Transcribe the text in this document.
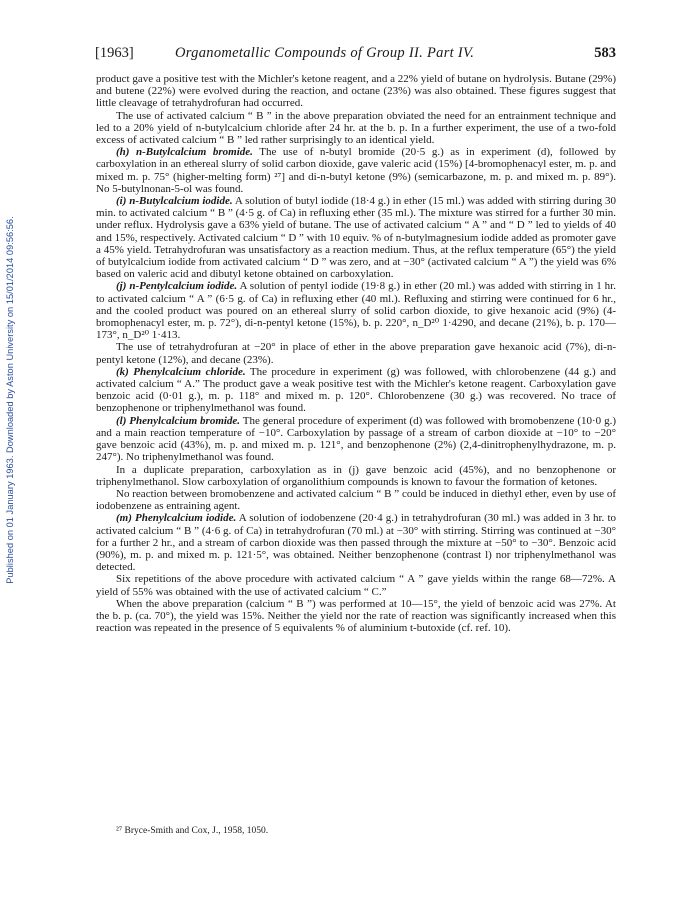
Published on 01 January 1963. Downloaded by Aston University on 15/01/2014 09:56:56.
[1963]	Organometallic Compounds of Group II. Part IV.	583

product gave a positive test with the Michler's ketone reagent, and a 22% yield of butane on hydrolysis. Butane (29%) and butene (22%) were evolved during the reaction, and octane (23%) was also obtained. These figures suggest that little cleavage of tetrahydrofuran had occurred.

The use of activated calcium “ B ” in the above preparation obviated the need for an entrainment technique and led to a 20% yield of n-butylcalcium chloride after 24 hr. at the b. p. In a further experiment, the use of a two-fold excess of activated calcium “ B ” led rather surprisingly to an identical yield.

(h) n-Butylcalcium bromide. The use of n-butyl bromide (20·5 g.) as in experiment (d), followed by carboxylation in an ethereal slurry of solid carbon dioxide, gave valeric acid (15%) [4-bromophenacyl ester, m. p. and mixed m. p. 75° (higher-melting form) ²⁷] and di-n-butyl ketone (9%) (semicarbazone, m. p. and mixed m. p. 89°). No 5-butylnonan-5-ol was found.

(i) n-Butylcalcium iodide. A solution of butyl iodide (18·4 g.) in ether (15 ml.) was added with stirring during 30 min. to activated calcium “ B ” (4·5 g. of Ca) in refluxing ether (35 ml.). The mixture was stirred for a further 30 min. under reflux. Hydrolysis gave a 63% yield of butane. The use of activated calcium “ A ” and “ D ” led to yields of 40 and 15%, respectively. Activated calcium “ D ” with 10 equiv. % of n-butylmagnesium iodide added as promoter gave a 45% yield. Tetrahydrofuran was unsatisfactory as a reaction medium. Thus, at the reflux temperature (65°) the yield of butylcalcium iodide from activated calcium “ D ” was zero, and at −30° (activated calcium “ A ”) the yield was 6% based on valeric acid and dibutyl ketone obtained on carboxylation.

(j) n-Pentylcalcium iodide. A solution of pentyl iodide (19·8 g.) in ether (20 ml.) was added with stirring in 1 hr. to activated calcium “ A ” (6·5 g. of Ca) in refluxing ether (40 ml.). Refluxing and stirring were continued for 6 hr., and the cooled product was poured on an ethereal slurry of solid carbon dioxide, to give hexanoic acid (9%) (4-bromophenacyl ester, m. p. 72°), di-n-pentyl ketone (15%), b. p. 220°, n_D²⁰ 1·4290, and decane (21%), b. p. 170—173°, n_D²⁰ 1·413.

The use of tetrahydrofuran at −20° in place of ether in the above preparation gave hexanoic acid (7%), di-n-pentyl ketone (12%), and decane (23%).

(k) Phenylcalcium chloride. The procedure in experiment (g) was followed, with chlorobenzene (44 g.) and activated calcium “ A.” The product gave a weak positive test with the Michler's ketone reagent. Carboxylation gave benzoic acid (0·01 g.), m. p. 118° and mixed m. p. 120°. Chlorobenzene (30 g.) was recovered. No trace of benzophenone or triphenylmethanol was found.

(l) Phenylcalcium bromide. The general procedure of experiment (d) was followed with bromobenzene (10·0 g.) and a main reaction temperature of −10°. Carboxylation by passage of a stream of carbon dioxide at −10° to −20° gave benzoic acid (43%), m. p. and mixed m. p. 121°, and benzophenone (2%) (2,4-dinitrophenylhydrazone, m. p. 247°). No triphenylmethanol was found.

In a duplicate preparation, carboxylation as in (j) gave benzoic acid (45%), and no benzophenone or triphenylmethanol. Slow carboxylation of organolithium compounds is known to favour the formation of ketones.

No reaction between bromobenzene and activated calcium “ B ” could be induced in diethyl ether, even by use of iodobenzene as entraining agent.

(m) Phenylcalcium iodide. A solution of iodobenzene (20·4 g.) in tetrahydrofuran (30 ml.) was added in 3 hr. to activated calcium “ B ” (4·6 g. of Ca) in tetrahydrofuran (70 ml.) at −30° with stirring. Stirring was continued at −30° for a further 2 hr., and a stream of carbon dioxide was then passed through the mixture at −50° to −30°. Benzoic acid (90%), m. p. and mixed m. p. 121·5°, was obtained. Neither benzophenone (contrast l) nor triphenylmethanol was detected.

Six repetitions of the above procedure with activated calcium “ A ” gave yields within the range 68—72%. A yield of 55% was obtained with the use of activated calcium “ C.”

When the above preparation (calcium “ B ”) was performed at 10—15°, the yield of benzoic acid was 27%. At the b. p. (ca. 70°), the yield was 15%. Neither the yield nor the rate of reaction was significantly increased when this reaction was repeated in the presence of 5 equivalents % of aluminium t-butoxide (cf. ref. 10).

²⁷ Bryce-Smith and Cox, J., 1958, 1050.
